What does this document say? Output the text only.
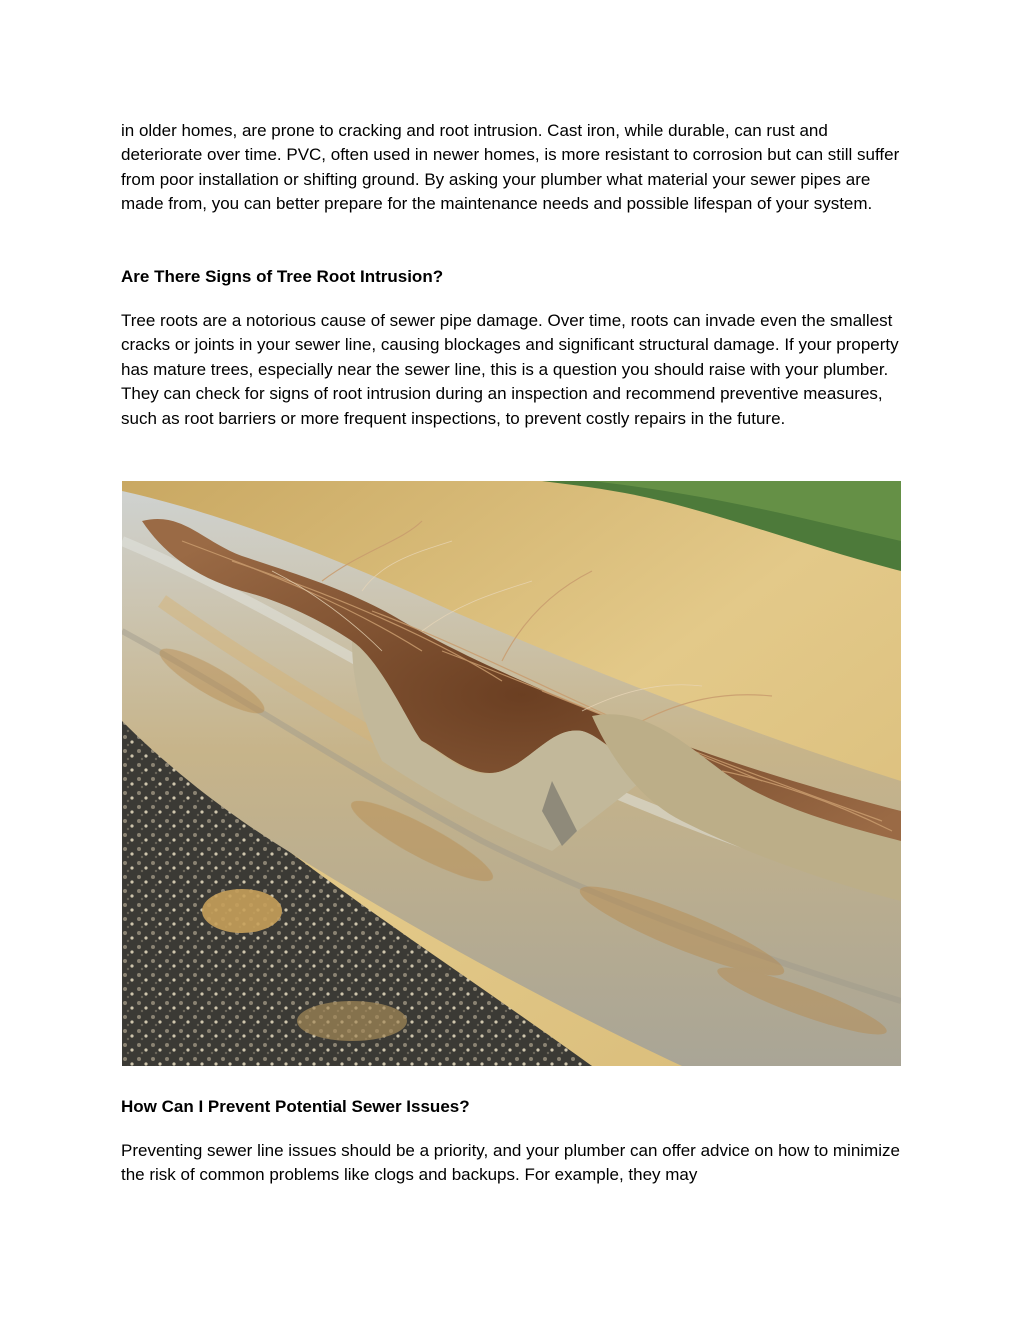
in older homes, are prone to cracking and root intrusion. Cast iron, while durable, can rust and deteriorate over time. PVC, often used in newer homes, is more resistant to corrosion but can still suffer from poor installation or shifting ground. By asking your plumber what material your sewer pipes are made from, you can better prepare for the maintenance needs and possible lifespan of your system.

Are There Signs of Tree Root Intrusion?

Tree roots are a notorious cause of sewer pipe damage. Over time, roots can invade even the smallest cracks or joints in your sewer line, causing blockages and significant structural damage. If your property has mature trees, especially near the sewer line, this is a question you should raise with your plumber. They can check for signs of root intrusion during an inspection and recommend preventive measures, such as root barriers or more frequent inspections, to prevent costly repairs in the future.

How Can I Prevent Potential Sewer Issues?

Preventing sewer line issues should be a priority, and your plumber can offer advice on how to minimize the risk of common problems like clogs and backups. For example, they may
